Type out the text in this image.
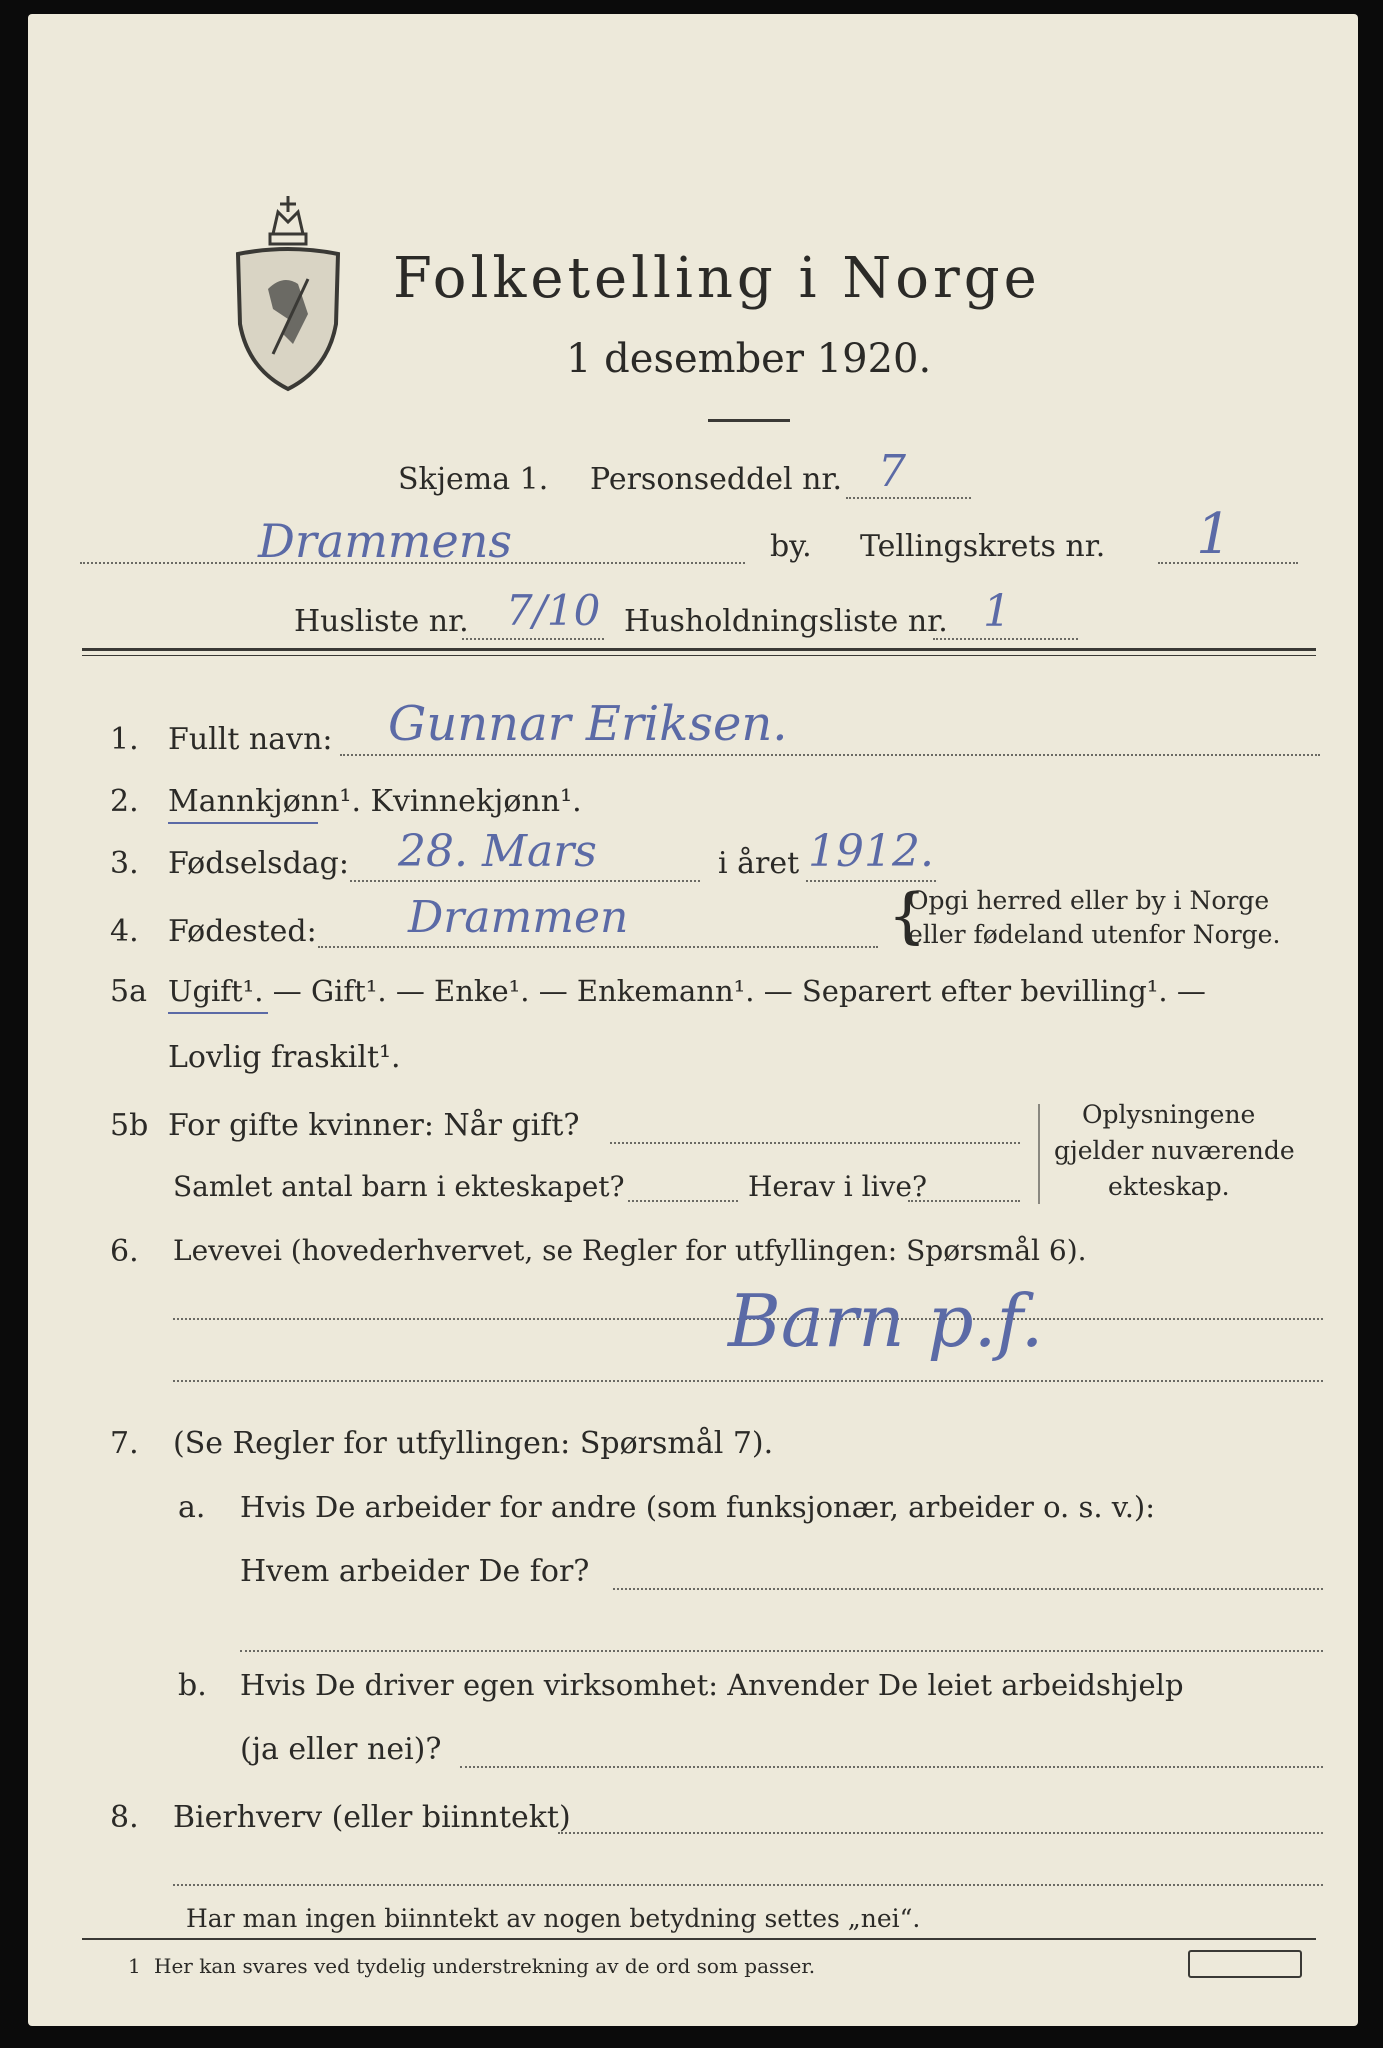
Folketelling i Norge
1 desember 1920.
Skjema 1. Personseddel nr. 7
Drammens	by. Tellingskrets nr. 1
Husliste nr. 7/10 Husholdningsliste nr. 1
1. Fullt navn: Gunnar Eriksen.
2. Mannkjønn¹. Kvinnekjønn¹.
3. Fødselsdag: 28. Mars	i året 1912.
4. Fødested: Drammen	{
Opgi herred eller by i Norge
eller fødeland utenfor Norge.
5a Ugift¹. — Gift¹. — Enke¹. — Enkemann¹. — Separert efter bevilling¹. —
Lovlig fraskilt¹.
5b For gifte kvinner: Når gift?
Samlet antal barn i ekteskapet?	Herav i live?
Oplysningene
gjelder nuværende
ekteskap.
6. Levevei (hovederhvervet, se Regler for utfyllingen: Spørsmål 6).
Barn p.f.
7. (Se Regler for utfyllingen: Spørsmål 7).
a. Hvis De arbeider for andre (som funksjonær, arbeider o. s. v.):
Hvem arbeider De for?
b. Hvis De driver egen virksomhet: Anvender De leiet arbeidshjelp
(ja eller nei)?
8. Bierhverv (eller biinntekt)
Har man ingen biinntekt av nogen betydning settes „nei“.
1 Her kan svares ved tydelig understrekning av de ord som passer.
